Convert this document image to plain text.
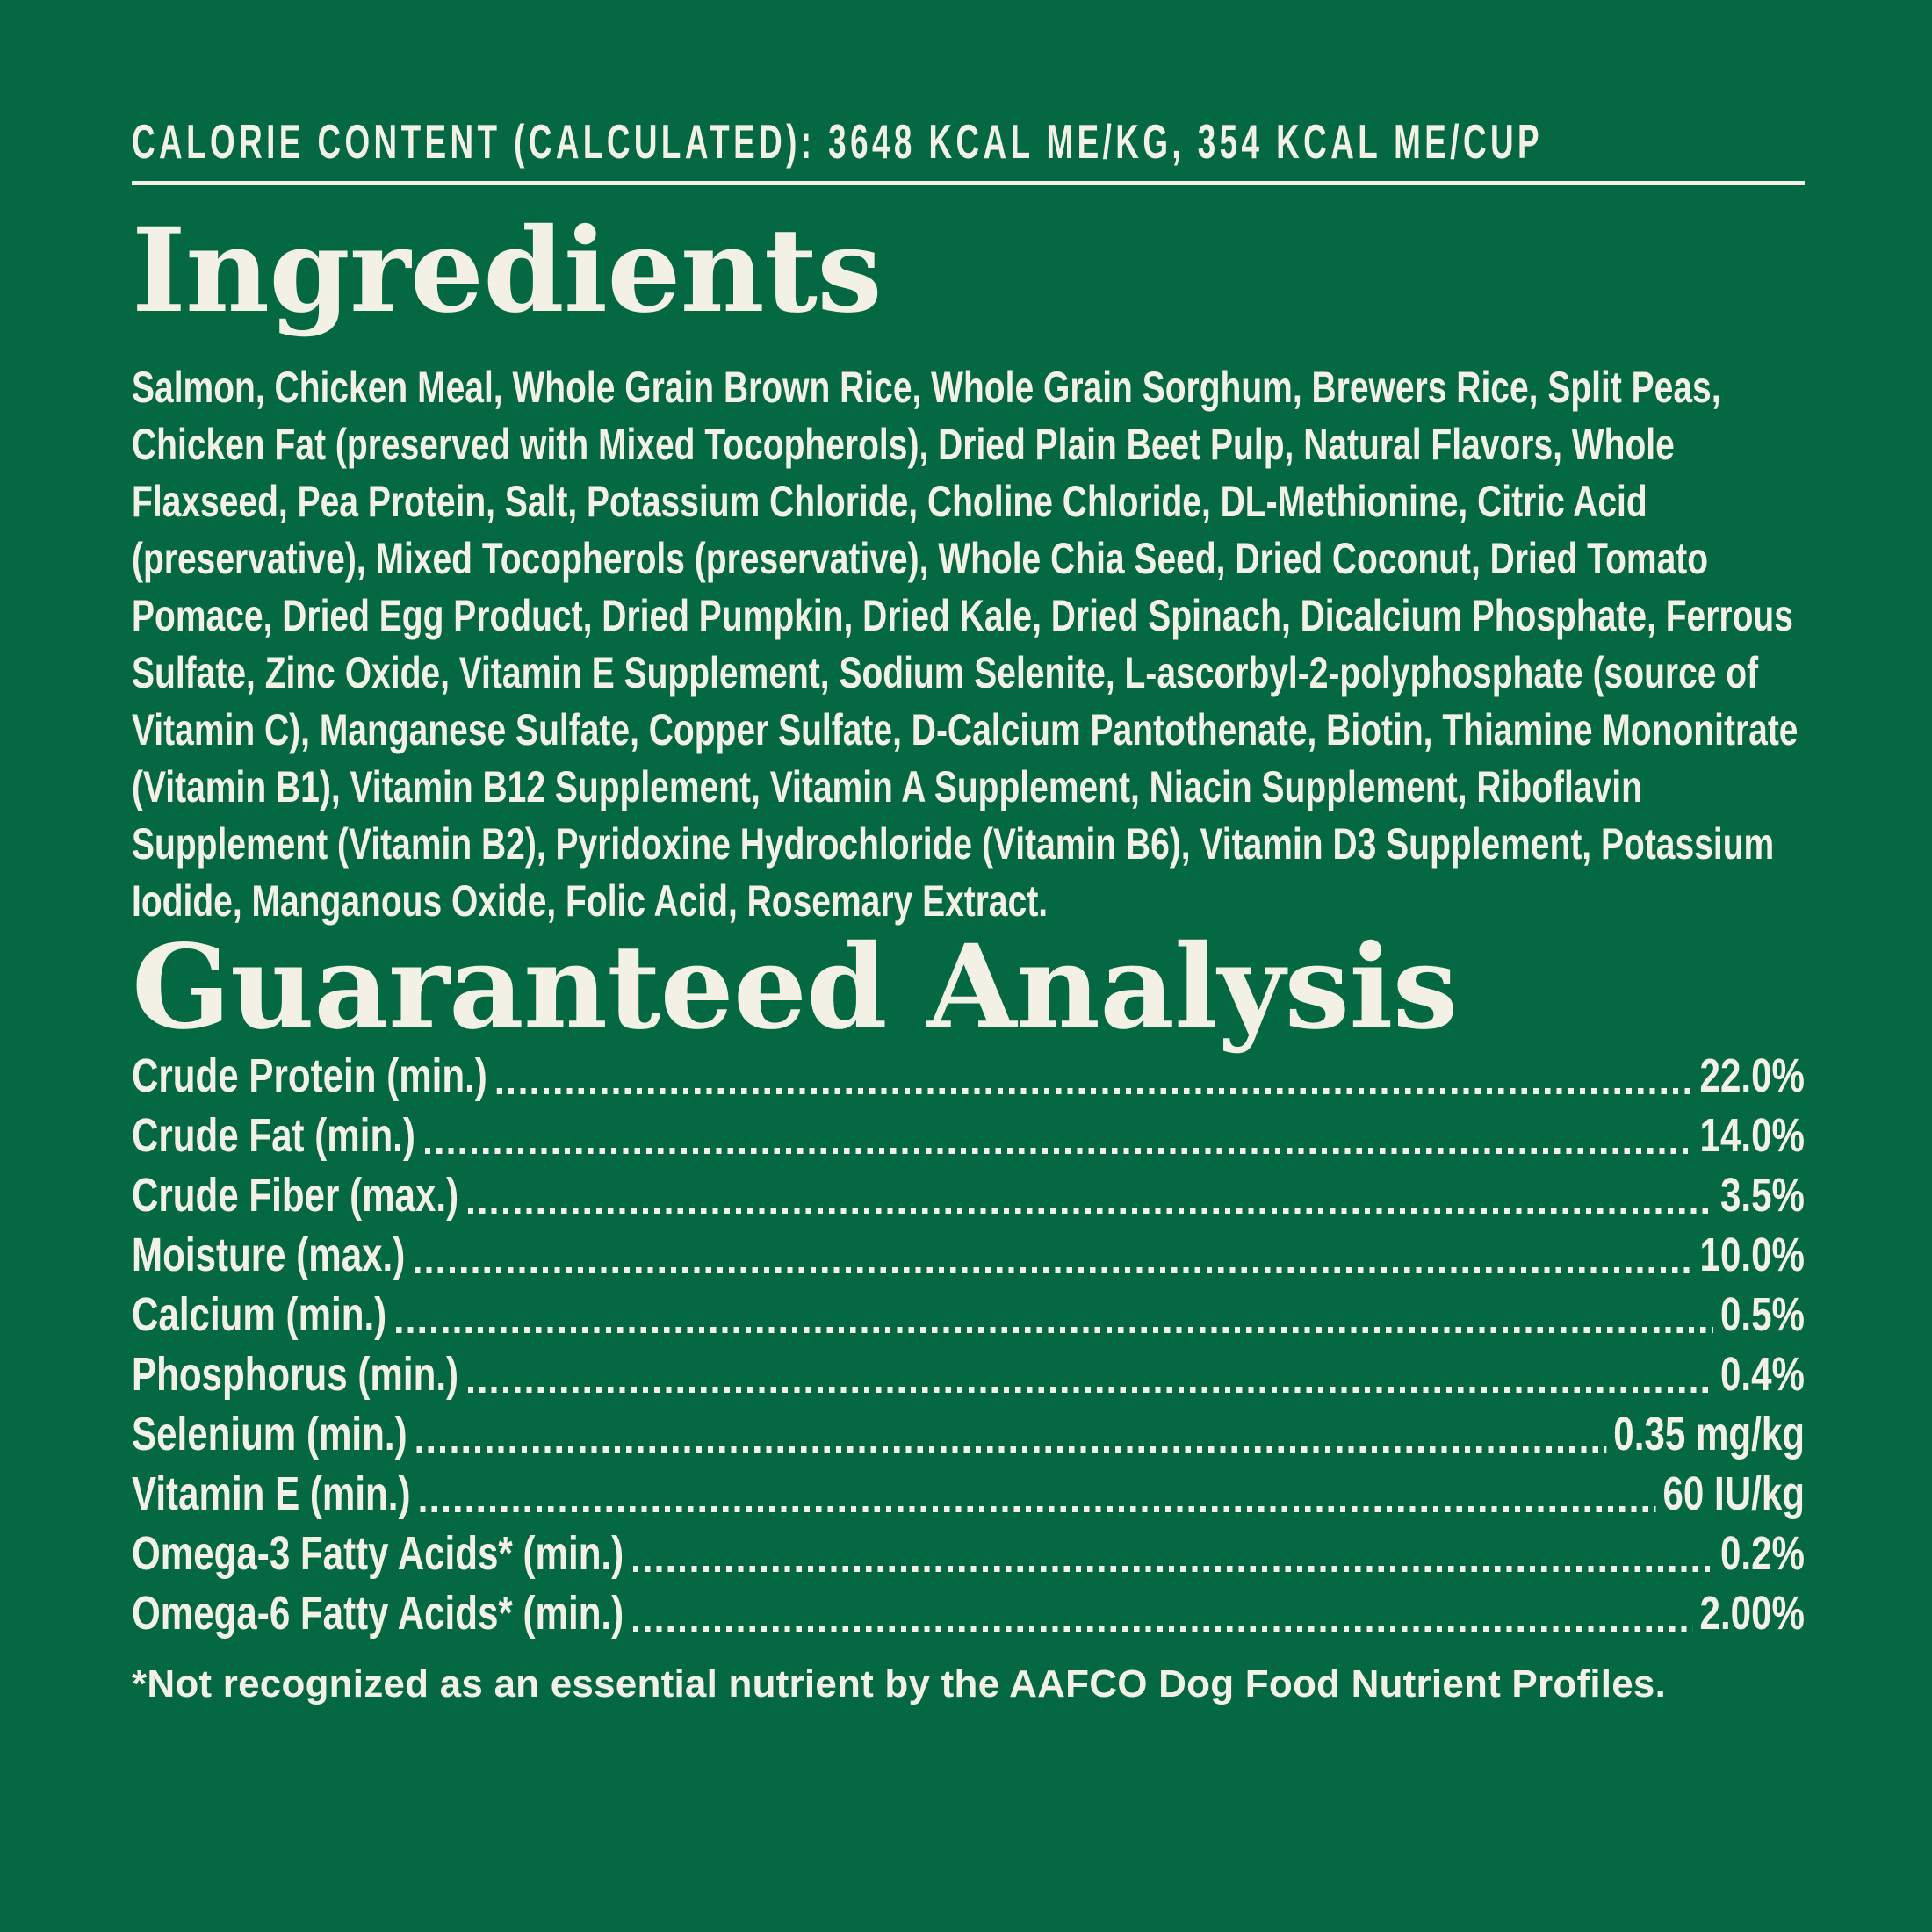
CALORIE CONTENT (CALCULATED): 3648 KCAL ME/KG, 354 KCAL ME/CUP
Ingredients
Salmon, Chicken Meal, Whole Grain Brown Rice, Whole Grain Sorghum, Brewers Rice, Split Peas, Chicken Fat (preserved with Mixed Tocopherols), Dried Plain Beet Pulp, Natural Flavors, Whole Flaxseed, Pea Protein, Salt, Potassium Chloride, Choline Chloride, DL-Methionine, Citric Acid (preservative), Mixed Tocopherols (preservative), Whole Chia Seed, Dried Coconut, Dried Tomato Pomace, Dried Egg Product, Dried Pumpkin, Dried Kale, Dried Spinach, Dicalcium Phosphate, Ferrous Sulfate, Zinc Oxide, Vitamin E Supplement, Sodium Selenite, L-ascorbyl-2-polyphosphate (source of Vitamin C), Manganese Sulfate, Copper Sulfate, D-Calcium Pantothenate, Biotin, Thiamine Mononitrate (Vitamin B1), Vitamin B12 Supplement, Vitamin A Supplement, Niacin Supplement, Riboflavin Supplement (Vitamin B2), Pyridoxine Hydrochloride (Vitamin B6), Vitamin D3 Supplement, Potassium Iodide, Manganous Oxide, Folic Acid, Rosemary Extract.
Guaranteed Analysis
Crude Protein (min.)	22.0%
Crude Fat (min.)	14.0%
Crude Fiber (max.)	3.5%
Moisture (max.)	10.0%
Calcium (min.)	0.5%
Phosphorus (min.)	0.4%
Selenium (min.)	0.35 mg/kg
Vitamin E (min.)	60 IU/kg
Omega-3 Fatty Acids* (min.)	0.2%
Omega-6 Fatty Acids* (min.)	2.00%
*Not recognized as an essential nutrient by the AAFCO Dog Food Nutrient Profiles.
